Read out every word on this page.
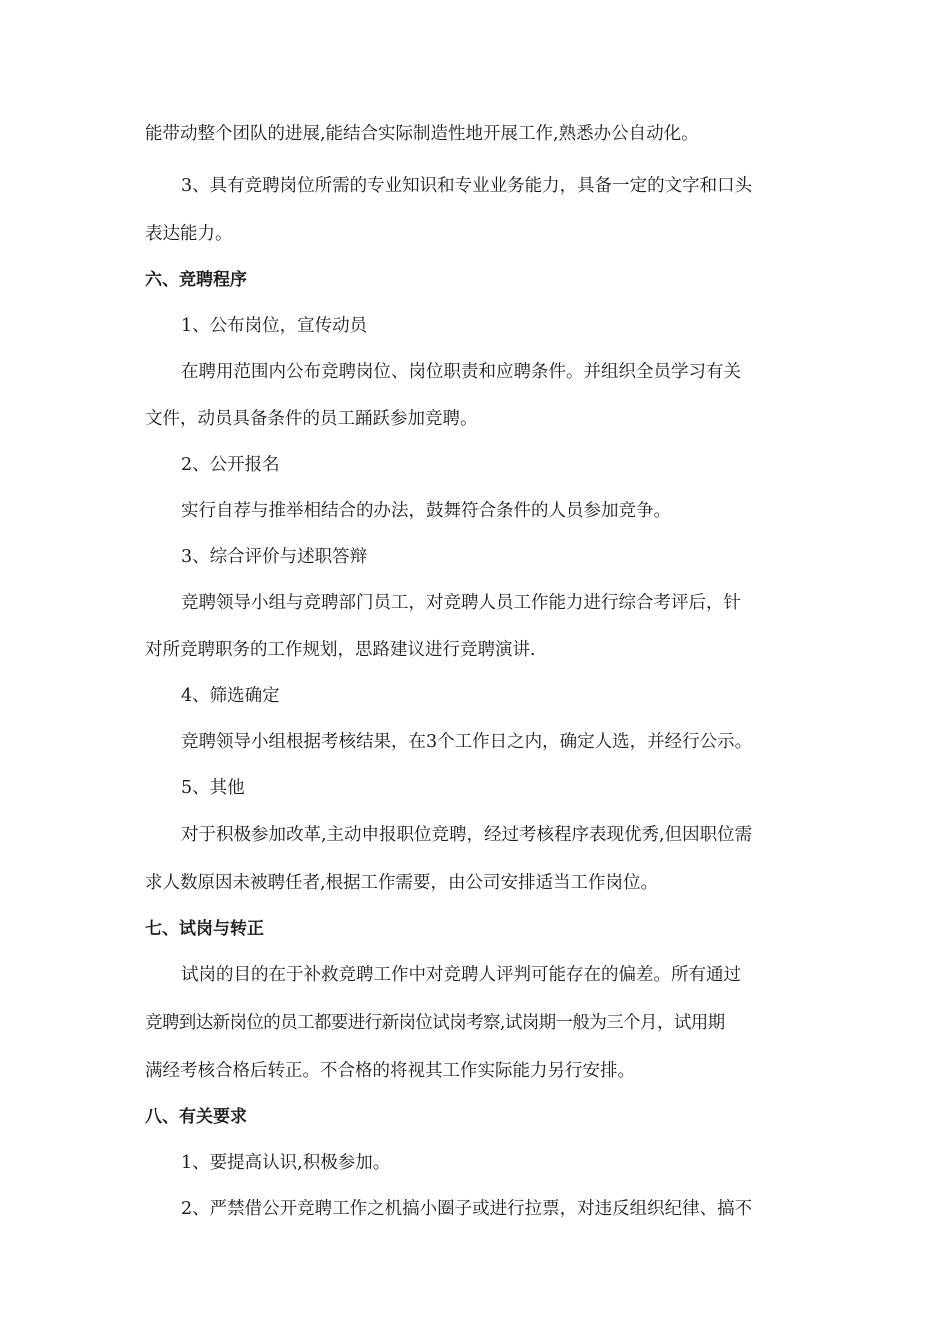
能带动整个团队的进展,能结合实际制造性地开展工作,熟悉办公自动化。
3、具有竞聘岗位所需的专业知识和专业业务能力，具备一定的文字和口头
表达能力。
六、竞聘程序
1、公布岗位，宣传动员
在聘用范围内公布竞聘岗位、岗位职责和应聘条件。并组织全员学习有关
文件，动员具备条件的员工踊跃参加竞聘。
2、公开报名
实行自荐与推举相结合的办法，鼓舞符合条件的人员参加竞争。
3、综合评价与述职答辩
竞聘领导小组与竞聘部门员工，对竞聘人员工作能力进行综合考评后，针
对所竞聘职务的工作规划，思路建议进行竞聘演讲.
4、筛选确定
竞聘领导小组根据考核结果，在3个工作日之内，确定人选，并经行公示。
5、其他
对于积极参加改革,主动申报职位竞聘，经过考核程序表现优秀,但因职位需
求人数原因未被聘任者,根据工作需要，由公司安排适当工作岗位。
七、试岗与转正
试岗的目的在于补救竞聘工作中对竞聘人评判可能存在的偏差。所有通过
竞聘到达新岗位的员工都要进行新岗位试岗考察,试岗期一般为三个月，试用期
满经考核合格后转正。不合格的将视其工作实际能力另行安排。
八、有关要求
1、要提高认识,积极参加。
2、严禁借公开竞聘工作之机搞小圈子或进行拉票，对违反组织纪律、搞不
